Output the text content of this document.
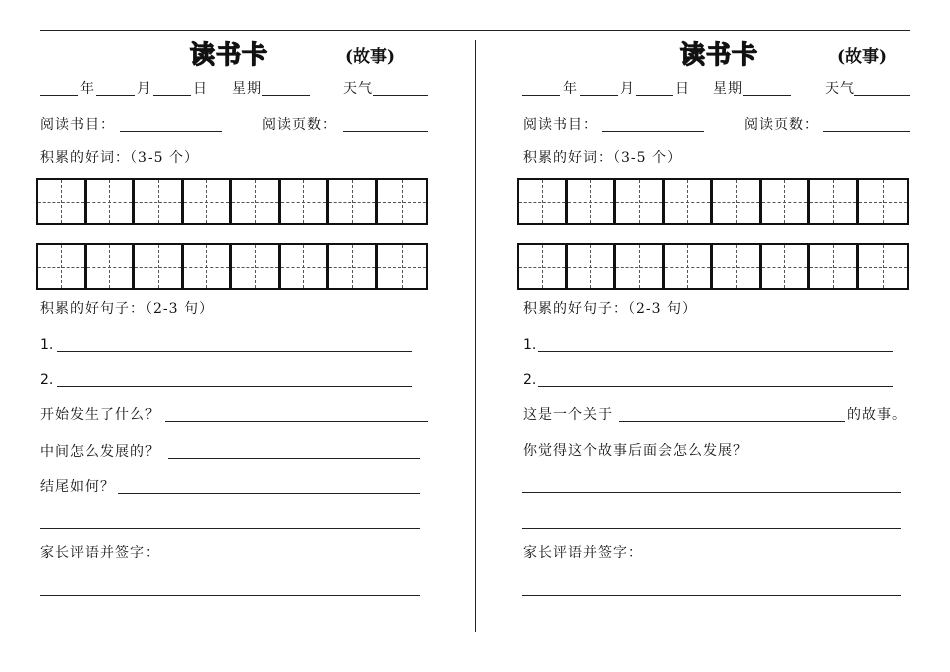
读书卡	(故事)
年	月	日 星期	天气
阅读书目：	阅读页数：
积累的好词：（3-5 个）
积累的好句子：（2-3 句）
1.
2.
开始发生了什么？
中间怎么发展的？
结尾如何？
家长评语并签字：
读书卡	(故事)
年	月	日 星期	天气
阅读书目：	阅读页数：
积累的好词：（3-5 个）
积累的好句子：（2-3 句）
1.
2.
这是一个关于	的故事。
你觉得这个故事后面会怎么发展？
家长评语并签字：
